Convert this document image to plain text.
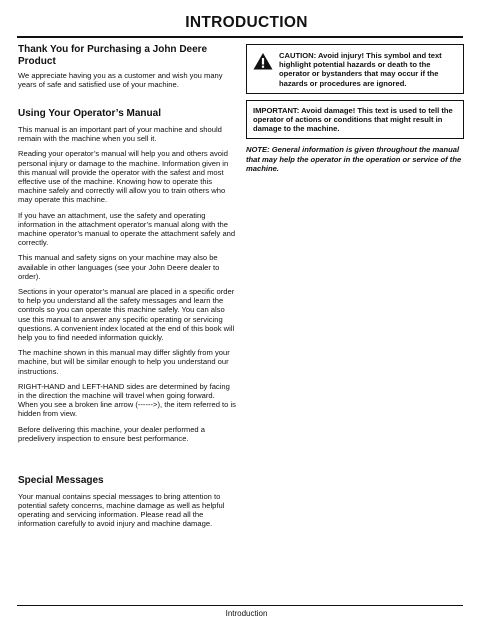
INTRODUCTION
Thank You for Purchasing a John Deere Product

We appreciate having you as a customer and wish you many years of safe and satisfied use of your machine.

Using Your Operator’s Manual

This manual is an important part of your machine and should remain with the machine when you sell it.

Reading your operator’s manual will help you and others avoid personal injury or damage to the machine. Information given in this manual will provide the operator with the safest and most effective use of the machine. Knowing how to operate this machine safely and correctly will allow you to train others who may operate this machine.

If you have an attachment, use the safety and operating information in the attachment operator’s manual along with the machine operator’s manual to operate the attachment safely and correctly.

This manual and safety signs on your machine may also be available in other languages (see your John Deere dealer to order).

Sections in your operator’s manual are placed in a specific order to help you understand all the safety messages and learn the controls so you can operate this machine safely. You can also use this manual to answer any specific operating or servicing questions. A convenient index located at the end of this book will help you to find needed information quickly.

The machine shown in this manual may differ slightly from your machine, but will be similar enough to help you understand our instructions.

RIGHT-HAND and LEFT-HAND sides are determined by facing in the direction the machine will travel when going forward. When you see a broken line arrow (------>), the item referred to is hidden from view.

Before delivering this machine, your dealer performed a predelivery inspection to ensure best performance.

Special Messages

Your manual contains special messages to bring attention to potential safety concerns, machine damage as well as helpful operating and servicing information. Please read all the information carefully to avoid injury and machine damage.

CAUTION: Avoid injury! This symbol and text highlight potential hazards or death to the operator or bystanders that may occur if the hazards or procedures are ignored.
IMPORTANT: Avoid damage! This text is used to tell the operator of actions or conditions that might result in damage to the machine.
NOTE: General information is given throughout the manual that may help the operator in the operation or service of the machine.
Introduction
